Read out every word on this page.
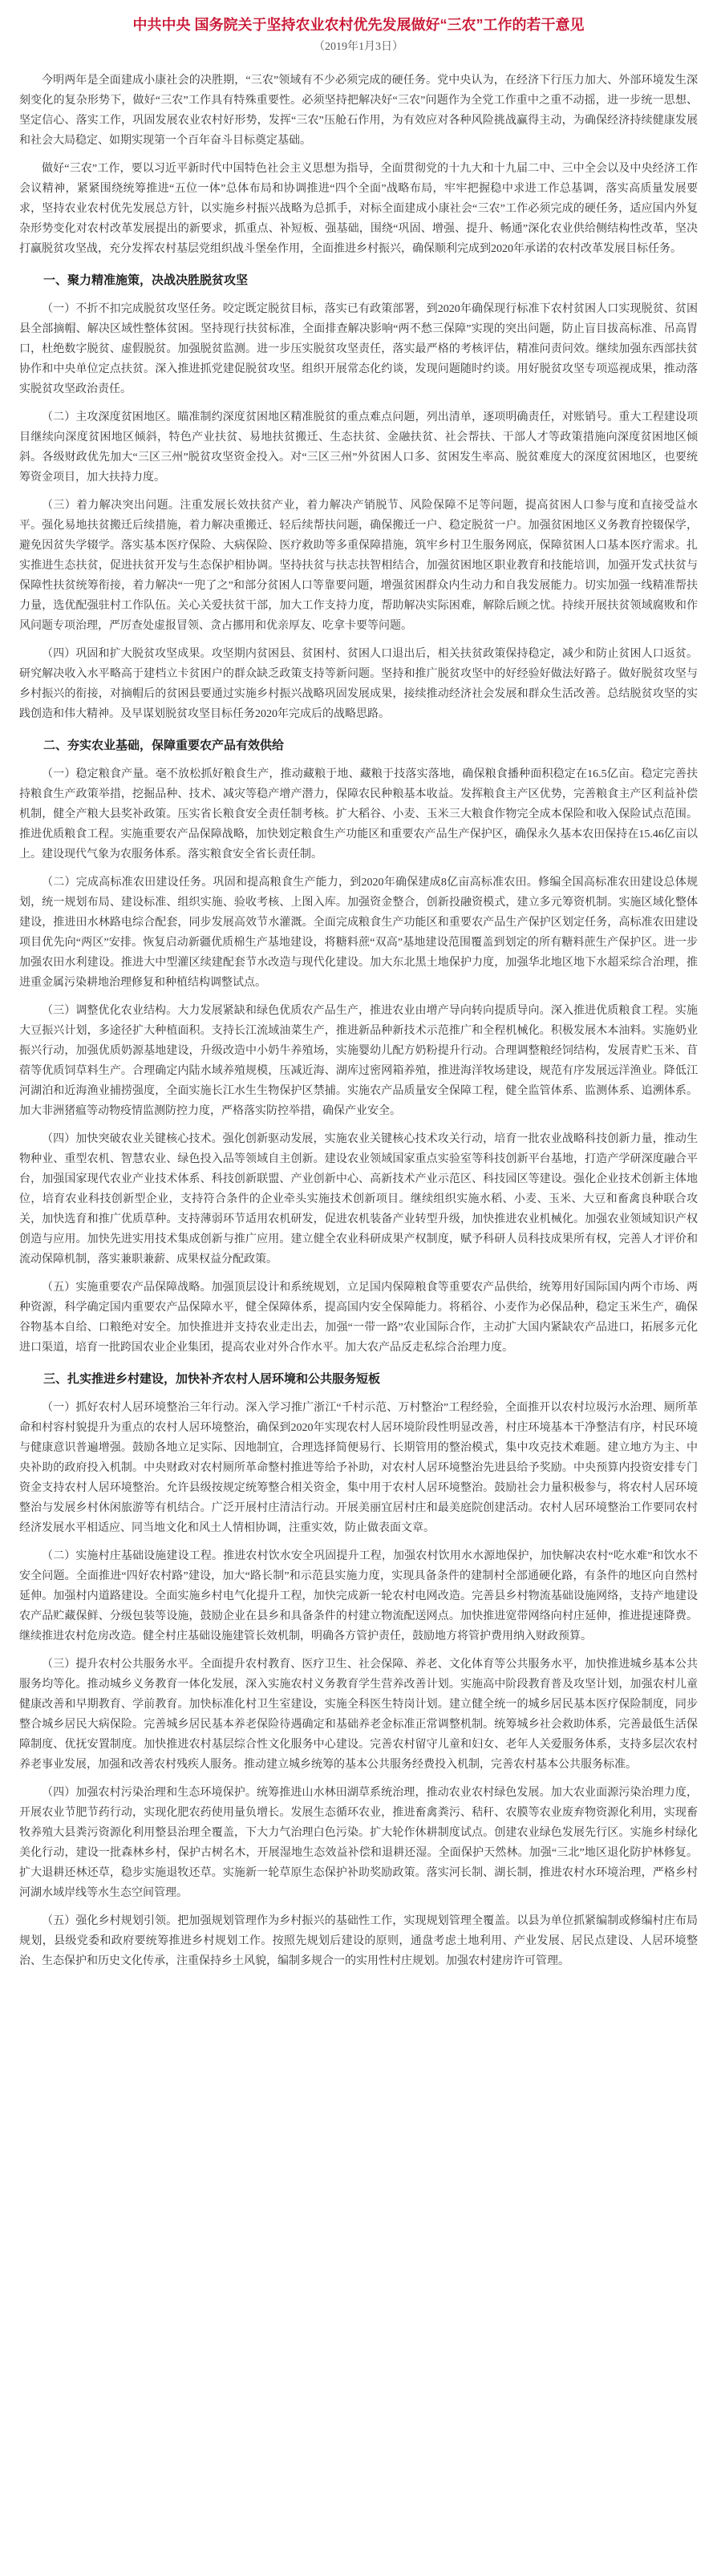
中共中央 国务院关于坚持农业农村优先发展做好“三农”工作的若干意见
（2019年1月3日）

今明两年是全面建成小康社会的决胜期，“三农”领域有不少必须完成的硬任务。党中央认为，在经济下行压力加大、外部环境发生深刻变化的复杂形势下，做好“三农”工作具有特殊重要性。必须坚持把解决好“三农”问题作为全党工作重中之重不动摇，进一步统一思想、坚定信心、落实工作，巩固发展农业农村好形势，发挥“三农”压舱石作用，为有效应对各种风险挑战赢得主动，为确保经济持续健康发展和社会大局稳定、如期实现第一个百年奋斗目标奠定基础。

做好“三农”工作，要以习近平新时代中国特色社会主义思想为指导，全面贯彻党的十九大和十九届二中、三中全会以及中央经济工作会议精神，紧紧围绕统筹推进“五位一体”总体布局和协调推进“四个全面”战略布局，牢牢把握稳中求进工作总基调，落实高质量发展要求，坚持农业农村优先发展总方针，以实施乡村振兴战略为总抓手，对标全面建成小康社会“三农”工作必须完成的硬任务，适应国内外复杂形势变化对农村改革发展提出的新要求，抓重点、补短板、强基础，围绕“巩固、增强、提升、畅通”深化农业供给侧结构性改革，坚决打赢脱贫攻坚战，充分发挥农村基层党组织战斗堡垒作用，全面推进乡村振兴，确保顺利完成到2020年承诺的农村改革发展目标任务。

一、聚力精准施策，决战决胜脱贫攻坚

（一）不折不扣完成脱贫攻坚任务。咬定既定脱贫目标，落实已有政策部署，到2020年确保现行标准下农村贫困人口实现脱贫、贫困县全部摘帽、解决区域性整体贫困。坚持现行扶贫标准，全面排查解决影响“两不愁三保障”实现的突出问题，防止盲目拔高标准、吊高胃口，杜绝数字脱贫、虚假脱贫。加强脱贫监测。进一步压实脱贫攻坚责任，落实最严格的考核评估，精准问责问效。继续加强东西部扶贫协作和中央单位定点扶贫。深入推进抓党建促脱贫攻坚。组织开展常态化约谈，发现问题随时约谈。用好脱贫攻坚专项巡视成果，推动落实脱贫攻坚政治责任。

（二）主攻深度贫困地区。瞄准制约深度贫困地区精准脱贫的重点难点问题，列出清单，逐项明确责任，对账销号。重大工程建设项目继续向深度贫困地区倾斜，特色产业扶贫、易地扶贫搬迁、生态扶贫、金融扶贫、社会帮扶、干部人才等政策措施向深度贫困地区倾斜。各级财政优先加大“三区三州”脱贫攻坚资金投入。对“三区三州”外贫困人口多、贫困发生率高、脱贫难度大的深度贫困地区，也要统筹资金项目，加大扶持力度。

（三）着力解决突出问题。注重发展长效扶贫产业，着力解决产销脱节、风险保障不足等问题，提高贫困人口参与度和直接受益水平。强化易地扶贫搬迁后续措施，着力解决重搬迁、轻后续帮扶问题，确保搬迁一户、稳定脱贫一户。加强贫困地区义务教育控辍保学，避免因贫失学辍学。落实基本医疗保险、大病保险、医疗救助等多重保障措施，筑牢乡村卫生服务网底，保障贫困人口基本医疗需求。扎实推进生态扶贫，促进扶贫开发与生态保护相协调。坚持扶贫与扶志扶智相结合，加强贫困地区职业教育和技能培训，加强开发式扶贫与保障性扶贫统筹衔接，着力解决“一兜了之”和部分贫困人口等靠要问题，增强贫困群众内生动力和自我发展能力。切实加强一线精准帮扶力量，选优配强驻村工作队伍。关心关爱扶贫干部，加大工作支持力度，帮助解决实际困难，解除后顾之忧。持续开展扶贫领域腐败和作风问题专项治理，严厉查处虚报冒领、贪占挪用和优亲厚友、吃拿卡要等问题。

（四）巩固和扩大脱贫攻坚成果。攻坚期内贫困县、贫困村、贫困人口退出后，相关扶贫政策保持稳定，减少和防止贫困人口返贫。研究解决收入水平略高于建档立卡贫困户的群众缺乏政策支持等新问题。坚持和推广脱贫攻坚中的好经验好做法好路子。做好脱贫攻坚与乡村振兴的衔接，对摘帽后的贫困县要通过实施乡村振兴战略巩固发展成果，接续推动经济社会发展和群众生活改善。总结脱贫攻坚的实践创造和伟大精神。及早谋划脱贫攻坚目标任务2020年完成后的战略思路。

二、夯实农业基础，保障重要农产品有效供给

（一）稳定粮食产量。毫不放松抓好粮食生产，推动藏粮于地、藏粮于技落实落地，确保粮食播种面积稳定在16.5亿亩。稳定完善扶持粮食生产政策举措，挖掘品种、技术、减灾等稳产增产潜力，保障农民种粮基本收益。发挥粮食主产区优势，完善粮食主产区利益补偿机制，健全产粮大县奖补政策。压实省长粮食安全责任制考核。扩大稻谷、小麦、玉米三大粮食作物完全成本保险和收入保险试点范围。推进优质粮食工程。实施重要农产品保障战略，加快划定粮食生产功能区和重要农产品生产保护区，确保永久基本农田保持在15.46亿亩以上。建设现代气象为农服务体系。落实粮食安全省长责任制。

（二）完成高标准农田建设任务。巩固和提高粮食生产能力，到2020年确保建成8亿亩高标准农田。修编全国高标准农田建设总体规划，统一规划布局、建设标准、组织实施、验收考核、上图入库。加强资金整合，创新投融资模式，建立多元筹资机制。实施区域化整体建设，推进田水林路电综合配套，同步发展高效节水灌溉。全面完成粮食生产功能区和重要农产品生产保护区划定任务，高标准农田建设项目优先向“两区”安排。恢复启动新疆优质棉生产基地建设，将糖料蔗“双高”基地建设范围覆盖到划定的所有糖料蔗生产保护区。进一步加强农田水利建设。推进大中型灌区续建配套节水改造与现代化建设。加大东北黑土地保护力度，加强华北地区地下水超采综合治理，推进重金属污染耕地治理修复和种植结构调整试点。

（三）调整优化农业结构。大力发展紧缺和绿色优质农产品生产，推进农业由增产导向转向提质导向。深入推进优质粮食工程。实施大豆振兴计划，多途径扩大种植面积。支持长江流域油菜生产，推进新品种新技术示范推广和全程机械化。积极发展木本油料。实施奶业振兴行动，加强优质奶源基地建设，升级改造中小奶牛养殖场，实施婴幼儿配方奶粉提升行动。合理调整粮经饲结构，发展青贮玉米、苜蓿等优质饲草料生产。合理确定内陆水域养殖规模，压减近海、湖库过密网箱养殖，推进海洋牧场建设，规范有序发展远洋渔业。降低江河湖泊和近海渔业捕捞强度，全面实施长江水生生物保护区禁捕。实施农产品质量安全保障工程，健全监管体系、监测体系、追溯体系。加大非洲猪瘟等动物疫情监测防控力度，严格落实防控举措，确保产业安全。

（四）加快突破农业关键核心技术。强化创新驱动发展，实施农业关键核心技术攻关行动，培育一批农业战略科技创新力量，推动生物种业、重型农机、智慧农业、绿色投入品等领域自主创新。建设农业领域国家重点实验室等科技创新平台基地，打造产学研深度融合平台，加强国家现代农业产业技术体系、科技创新联盟、产业创新中心、高新技术产业示范区、科技园区等建设。强化企业技术创新主体地位，培育农业科技创新型企业，支持符合条件的企业牵头实施技术创新项目。继续组织实施水稻、小麦、玉米、大豆和畜禽良种联合攻关，加快选育和推广优质草种。支持薄弱环节适用农机研发，促进农机装备产业转型升级，加快推进农业机械化。加强农业领域知识产权创造与应用。加快先进实用技术集成创新与推广应用。建立健全农业科研成果产权制度，赋予科研人员科技成果所有权，完善人才评价和流动保障机制，落实兼职兼薪、成果权益分配政策。

（五）实施重要农产品保障战略。加强顶层设计和系统规划，立足国内保障粮食等重要农产品供给，统筹用好国际国内两个市场、两种资源，科学确定国内重要农产品保障水平，健全保障体系，提高国内安全保障能力。将稻谷、小麦作为必保品种，稳定玉米生产，确保谷物基本自给、口粮绝对安全。加快推进并支持农业走出去，加强“一带一路”农业国际合作，主动扩大国内紧缺农产品进口，拓展多元化进口渠道，培育一批跨国农业企业集团，提高农业对外合作水平。加大农产品反走私综合治理力度。

三、扎实推进乡村建设，加快补齐农村人居环境和公共服务短板

（一）抓好农村人居环境整治三年行动。深入学习推广浙江“千村示范、万村整治”工程经验，全面推开以农村垃圾污水治理、厕所革命和村容村貌提升为重点的农村人居环境整治，确保到2020年实现农村人居环境阶段性明显改善，村庄环境基本干净整洁有序，村民环境与健康意识普遍增强。鼓励各地立足实际、因地制宜，合理选择简便易行、长期管用的整治模式，集中攻克技术难题。建立地方为主、中央补助的政府投入机制。中央财政对农村厕所革命整村推进等给予补助，对农村人居环境整治先进县给予奖励。中央预算内投资安排专门资金支持农村人居环境整治。允许县级按规定统筹整合相关资金，集中用于农村人居环境整治。鼓励社会力量积极参与，将农村人居环境整治与发展乡村休闲旅游等有机结合。广泛开展村庄清洁行动。开展美丽宜居村庄和最美庭院创建活动。农村人居环境整治工作要同农村经济发展水平相适应、同当地文化和风土人情相协调，注重实效，防止做表面文章。

（二）实施村庄基础设施建设工程。推进农村饮水安全巩固提升工程，加强农村饮用水水源地保护，加快解决农村“吃水难”和饮水不安全问题。全面推进“四好农村路”建设，加大“路长制”和示范县实施力度，实现具备条件的建制村全部通硬化路，有条件的地区向自然村延伸。加强村内道路建设。全面实施乡村电气化提升工程，加快完成新一轮农村电网改造。完善县乡村物流基础设施网络，支持产地建设农产品贮藏保鲜、分级包装等设施，鼓励企业在县乡和具备条件的村建立物流配送网点。加快推进宽带网络向村庄延伸，推进提速降费。继续推进农村危房改造。健全村庄基础设施建管长效机制，明确各方管护责任，鼓励地方将管护费用纳入财政预算。

（三）提升农村公共服务水平。全面提升农村教育、医疗卫生、社会保障、养老、文化体育等公共服务水平，加快推进城乡基本公共服务均等化。推动城乡义务教育一体化发展，深入实施农村义务教育学生营养改善计划。实施高中阶段教育普及攻坚计划，加强农村儿童健康改善和早期教育、学前教育。加快标准化村卫生室建设，实施全科医生特岗计划。建立健全统一的城乡居民基本医疗保险制度，同步整合城乡居民大病保险。完善城乡居民基本养老保险待遇确定和基础养老金标准正常调整机制。统筹城乡社会救助体系，完善最低生活保障制度、优抚安置制度。加快推进农村基层综合性文化服务中心建设。完善农村留守儿童和妇女、老年人关爱服务体系，支持多层次农村养老事业发展，加强和改善农村残疾人服务。推动建立城乡统筹的基本公共服务经费投入机制，完善农村基本公共服务标准。

（四）加强农村污染治理和生态环境保护。统筹推进山水林田湖草系统治理，推动农业农村绿色发展。加大农业面源污染治理力度，开展农业节肥节药行动，实现化肥农药使用量负增长。发展生态循环农业，推进畜禽粪污、秸秆、农膜等农业废弃物资源化利用，实现畜牧养殖大县粪污资源化利用整县治理全覆盖，下大力气治理白色污染。扩大轮作休耕制度试点。创建农业绿色发展先行区。实施乡村绿化美化行动，建设一批森林乡村，保护古树名木，开展湿地生态效益补偿和退耕还湿。全面保护天然林。加强“三北”地区退化防护林修复。扩大退耕还林还草，稳步实施退牧还草。实施新一轮草原生态保护补助奖励政策。落实河长制、湖长制，推进农村水环境治理，严格乡村河湖水域岸线等水生态空间管理。

（五）强化乡村规划引领。把加强规划管理作为乡村振兴的基础性工作，实现规划管理全覆盖。以县为单位抓紧编制或修编村庄布局规划，县级党委和政府要统筹推进乡村规划工作。按照先规划后建设的原则，通盘考虑土地利用、产业发展、居民点建设、人居环境整治、生态保护和历史文化传承，注重保持乡土风貌，编制多规合一的实用性村庄规划。加强农村建房许可管理。
